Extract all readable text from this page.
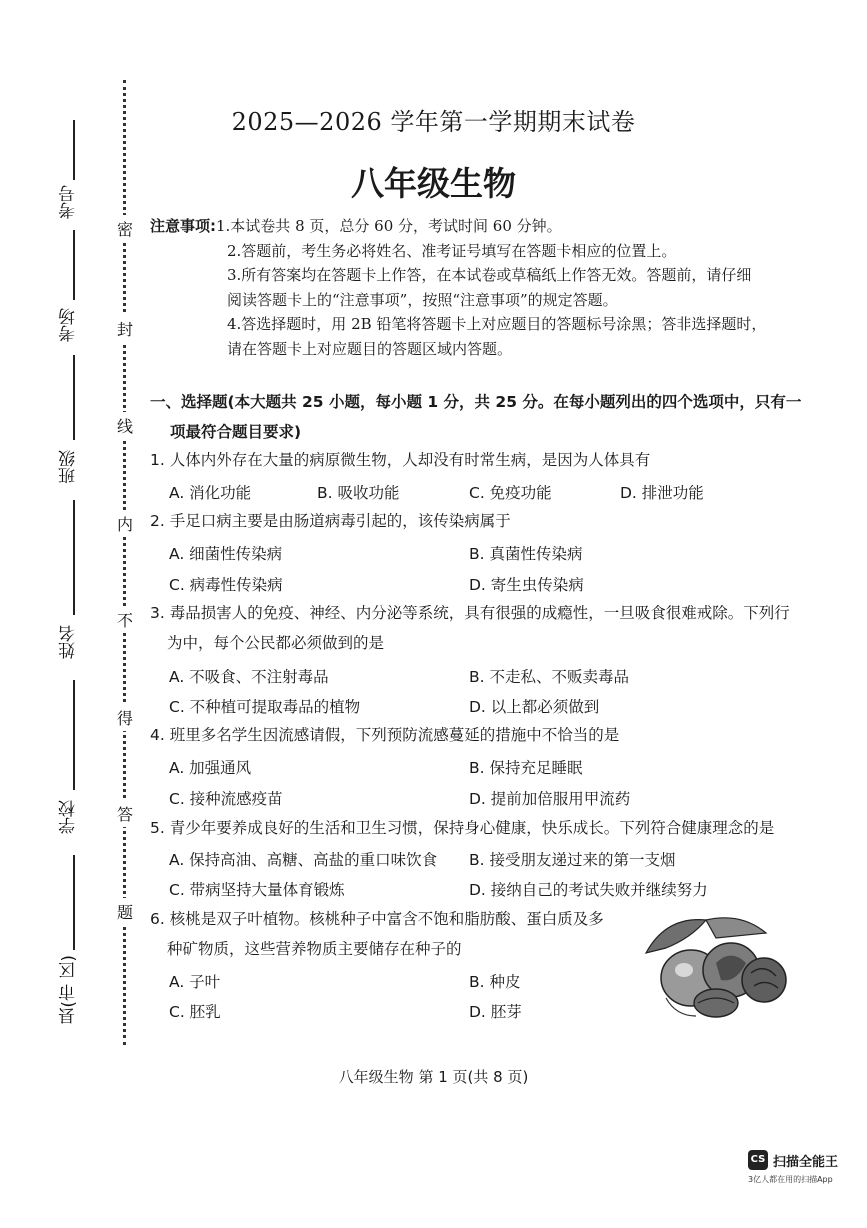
考号
考场
班级
姓名
学校
县(市 区)
密
封
线
内
不
得
答
题
2025—2026 学年第一学期期末试卷
八年级生物
注意事项:1.本试卷共 8 页，总分 60 分，考试时间 60 分钟。
2.答题前，考生务必将姓名、准考证号填写在答题卡相应的位置上。
3.所有答案均在答题卡上作答，在本试卷或草稿纸上作答无效。答题前，请仔细
阅读答题卡上的“注意事项”，按照“注意事项”的规定答题。
4.答选择题时，用 2B 铅笔将答题卡上对应题目的答题标号涂黑；答非选择题时，
请在答题卡上对应题目的答题区域内答题。
一、选择题(本大题共 25 小题，每小题 1 分，共 25 分。在每小题列出的四个选项中，只有一
项最符合题目要求)
1. 人体内外存在大量的病原微生物，人却没有时常生病，是因为人体具有
A. 消化功能	B. 吸收功能	C. 免疫功能	D. 排泄功能
2. 手足口病主要是由肠道病毒引起的，该传染病属于
A. 细菌性传染病	B. 真菌性传染病
C. 病毒性传染病	D. 寄生虫传染病
3. 毒品损害人的免疫、神经、内分泌等系统，具有很强的成瘾性，一旦吸食很难戒除。下列行
为中，每个公民都必须做到的是
A. 不吸食、不注射毒品	B. 不走私、不贩卖毒品
C. 不种植可提取毒品的植物	D. 以上都必须做到
4. 班里多名学生因流感请假，下列预防流感蔓延的措施中不恰当的是
A. 加强通风	B. 保持充足睡眠
C. 接种流感疫苗	D. 提前加倍服用甲流药
5. 青少年要养成良好的生活和卫生习惯，保持身心健康，快乐成长。下列符合健康理念的是
A. 保持高油、高糖、高盐的重口味饮食 B. 接受朋友递过来的第一支烟
C. 带病坚持大量体育锻炼	D. 接纳自己的考试失败并继续努力
6. 核桃是双子叶植物。核桃种子中富含不饱和脂肪酸、蛋白质及多
种矿物质，这些营养物质主要储存在种子的
A. 子叶	B. 种皮
C. 胚乳	D. 胚芽
八年级生物 第 1 页(共 8 页)
CS 扫描全能王
3亿人都在用的扫描App
